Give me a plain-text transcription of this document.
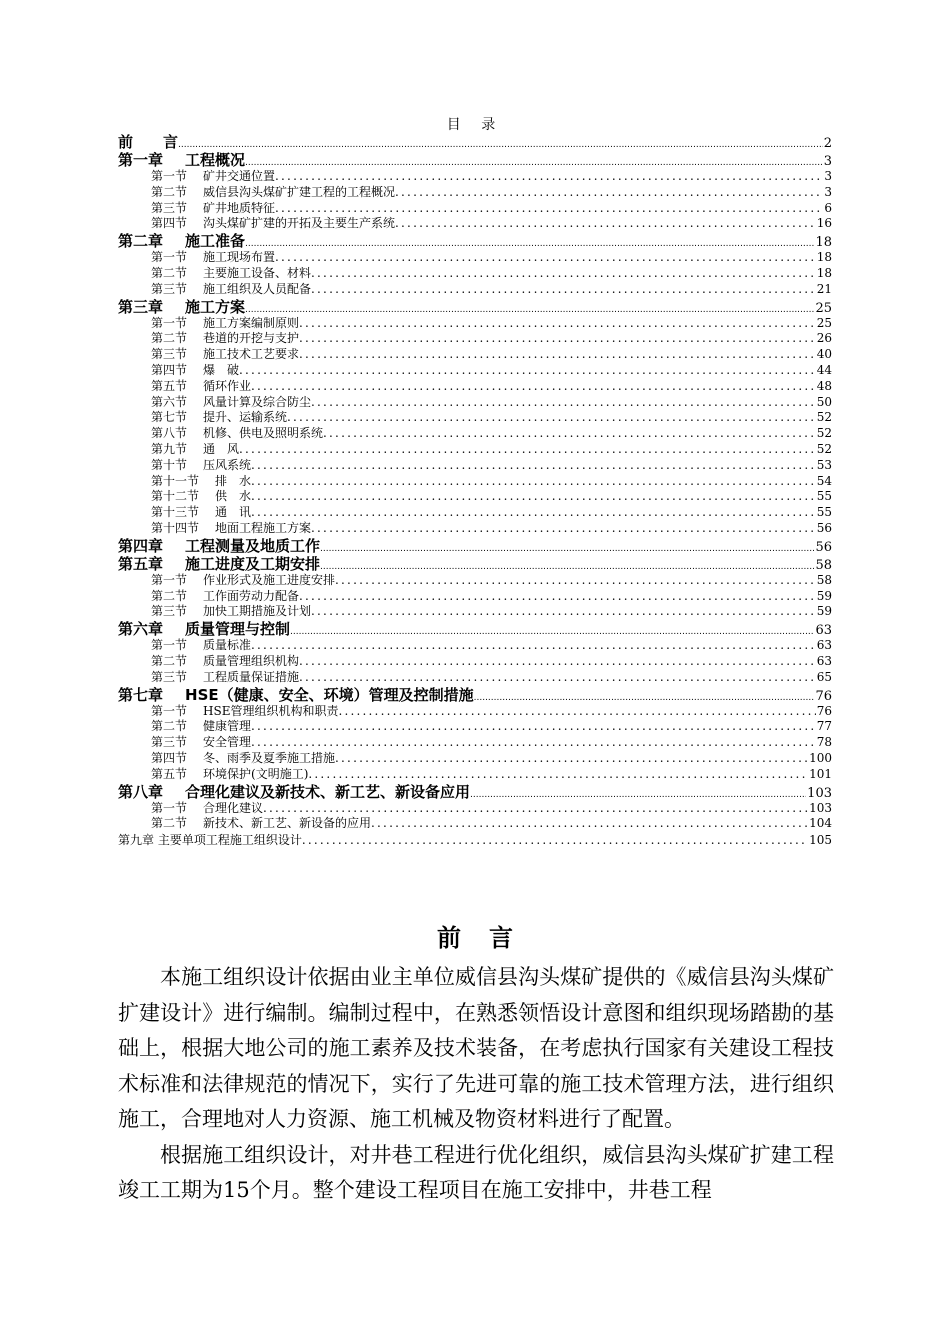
目 录
前　　言 .....	2
第一章 工程概况 .....	3
第一节 矿井交通位置 .....	3
第二节 威信县沟头煤矿扩建工程的工程概况 .....	3
第三节 矿井地质特征 .....	6
第四节 沟头煤矿扩建的开拓及主要生产系统 .....	16
第二章 施工准备 .....	18
第一节 施工现场布置 .....	18
第二节 主要施工设备、材料 .....	18
第三节 施工组织及人员配备 .....	21
第三章 施工方案 .....	25
第一节 施工方案编制原则 .....	25
第二节 巷道的开挖与支护 .....	26
第三节 施工技术工艺要求 .....	40
第四节 爆　破 .....	44
第五节 循环作业 .....	48
第六节 风量计算及综合防尘 .....	50
第七节 提升、运输系统 .....	52
第八节 机修、供电及照明系统 .....	52
第九节 通　风 .....	52
第十节 压风系统 .....	53
第十一节 排　水 .....	54
第十二节 供　水 .....	55
第十三节 通　讯 .....	55
第十四节 地面工程施工方案 .....	56
第四章 工程测量及地质工作 .....	56
第五章 施工进度及工期安排 .....	58
第一节 作业形式及施工进度安排 .....	58
第二节 工作面劳动力配备 .....	59
第三节 加快工期措施及计划 .....	59
第六章 质量管理与控制 .....	63
第一节 质量标准 .....	63
第二节 质量管理组织机构 .....	63
第三节 工程质量保证措施 .....	65
第七章 HSE（健康、安全、环境）管理及控制措施 .....	76
第一节 HSE管理组织机构和职责 .....	76
第二节 健康管理 .....	77
第三节 安全管理 .....	78
第四节 冬、雨季及夏季施工措施 .....	100
第五节 环境保护(文明施工) .....	101
第八章 合理化建议及新技术、新工艺、新设备应用 .....	103
第一节 合理化建议 .....	103
第二节 新技术、新工艺、新设备的应用 .....	104
第九章 主要单项工程施工组织设计 .....	105
前言

本施工组织设计依据由业主单位威信县沟头煤矿提供的《威信县沟头煤矿扩建设计》进行编制。编制过程中，在熟悉领悟设计意图和组织现场踏勘的基础上，根据大地公司的施工素养及技术装备，在考虑执行国家有关建设工程技术标准和法律规范的情况下，实行了先进可靠的施工技术管理方法，进行组织施工，合理地对人力资源、施工机械及物资材料进行了配置。

根据施工组织设计，对井巷工程进行优化组织，威信县沟头煤矿扩建工程竣工工期为15个月。整个建设工程项目在施工安排中，井巷工程
